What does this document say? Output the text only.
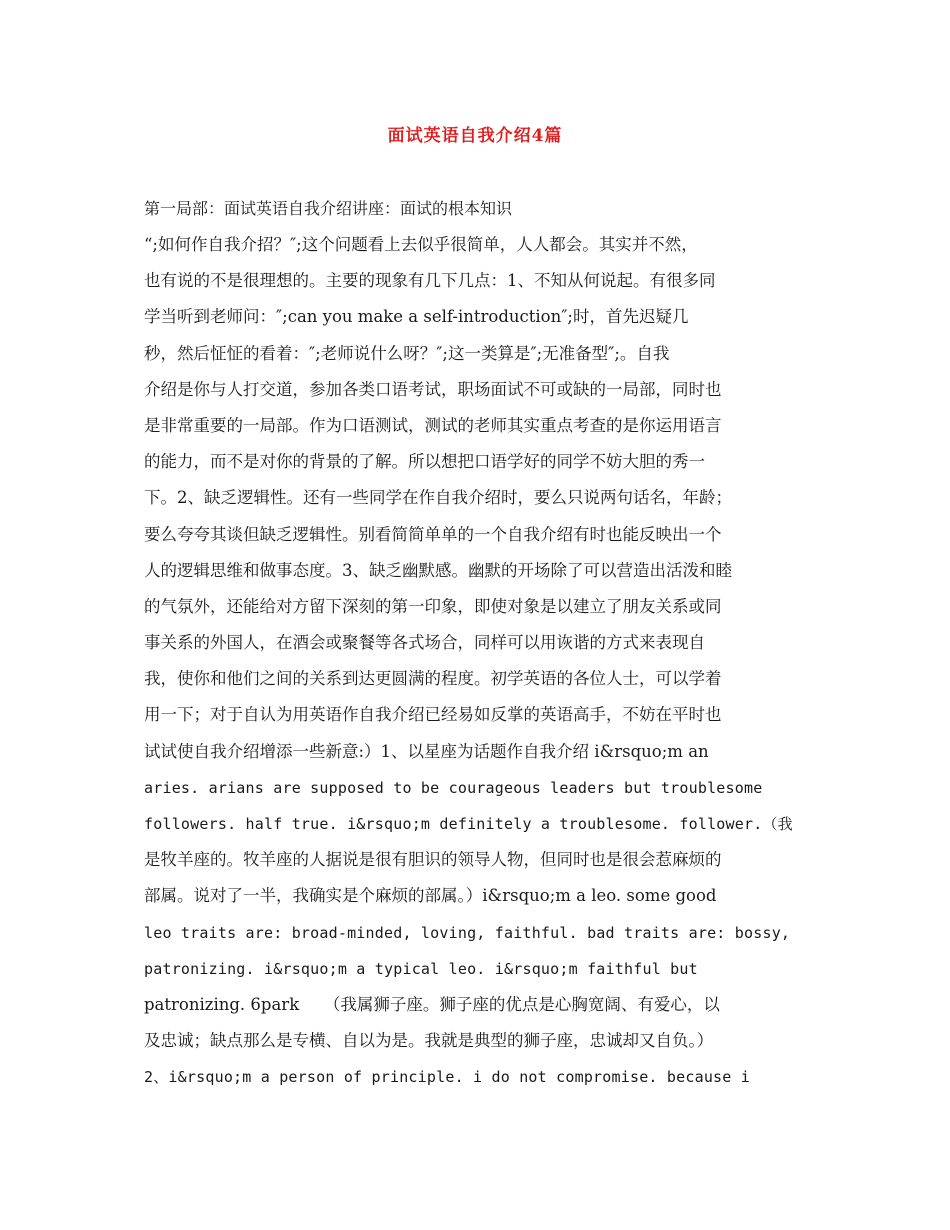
面试英语自我介绍4篇

第一局部：面试英语自我介绍讲座：面试的根本知识

“;如何作自我介招？″;这个问题看上去似乎很简单，人人都会。其实并不然，
也有说的不是很理想的。主要的现象有几下几点：1、不知从何说起。有很多同
学当听到老师问：″;can you make a self-introduction″;时，首先迟疑几
秒，然后怔怔的看着：″;老师说什么呀？″;这一类算是″;无准备型″;。自我
介绍是你与人打交道，参加各类口语考试，职场面试不可或缺的一局部，同时也
是非常重要的一局部。作为口语测试，测试的老师其实重点考查的是你运用语言
的能力，而不是对你的背景的了解。所以想把口语学好的同学不妨大胆的秀一
下。2、缺乏逻辑性。还有一些同学在作自我介绍时，要么只说两句话名，年龄；
要么夸夸其谈但缺乏逻辑性。别看简简单单的一个自我介绍有时也能反映出一个
人的逻辑思维和做事态度。3、缺乏幽默感。幽默的开场除了可以营造出活泼和睦
的气氛外，还能给对方留下深刻的第一印象，即使对象是以建立了朋友关系或同
事关系的外国人，在酒会或聚餐等各式场合，同样可以用诙谐的方式来表现自
我，使你和他们之间的关系到达更圆满的程度。初学英语的各位人士，可以学着
用一下；对于自认为用英语作自我介绍已经易如反掌的英语高手，不妨在平时也
试试使自我介绍增添一些新意:）1、以星座为话题作自我介绍 i&rsquo;m an
aries. arians are supposed to be courageous leaders but troublesome
followers. half true. i&rsquo;m definitely a troublesome. follower.（我
是牧羊座的。牧羊座的人据说是很有胆识的领导人物，但同时也是很会惹麻烦的
部属。说对了一半，我确实是个麻烦的部属。）i&rsquo;m a leo. some good
leo traits are: broad-minded, loving, faithful. bad traits are: bossy,
patronizing. i&rsquo;m a typical leo. i&rsquo;m faithful but
patronizing. 6park　　（我属狮子座。狮子座的优点是心胸宽阔、有爱心，以
及忠诚；缺点那么是专横、自以为是。我就是典型的狮子座，忠诚却又自负。）
2、i&rsquo;m a person of principle. i do not compromise. because i
